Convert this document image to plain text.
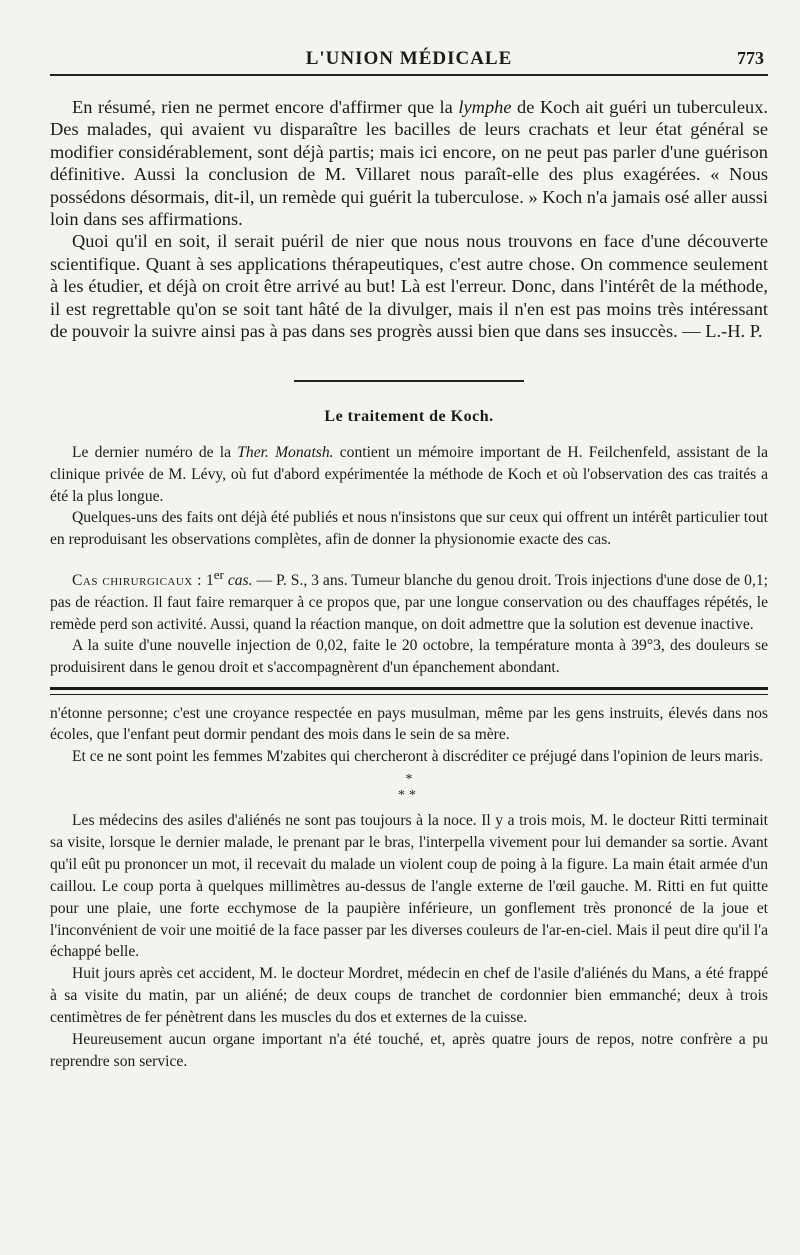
L'UNION MÉDICALE	773

En résumé, rien ne permet encore d'affirmer que la lymphe de Koch ait guéri un tuberculeux. Des malades, qui avaient vu disparaître les bacilles de leurs crachats et leur état général se modifier considérablement, sont déjà partis; mais ici encore, on ne peut pas parler d'une guérison définitive. Aussi la conclusion de M. Villaret nous paraît-elle des plus exagérées. « Nous possédons désormais, dit-il, un remède qui guérit la tuberculose. » Koch n'a jamais osé aller aussi loin dans ses affirmations.

Quoi qu'il en soit, il serait puéril de nier que nous nous trouvons en face d'une découverte scientifique. Quant à ses applications thérapeutiques, c'est autre chose. On commence seulement à les étudier, et déjà on croit être arrivé au but! Là est l'erreur. Donc, dans l'intérêt de la méthode, il est regrettable qu'on se soit tant hâté de la divulger, mais il n'en est pas moins très intéressant de pouvoir la suivre ainsi pas à pas dans ses progrès aussi bien que dans ses insuccès. — L.-H. P.

Le traitement de Koch.

Le dernier numéro de la Ther. Monatsh. contient un mémoire important de H. Feilchenfeld, assistant de la clinique privée de M. Lévy, où fut d'abord expérimentée la méthode de Koch et où l'observation des cas traités a été la plus longue.

Quelques-uns des faits ont déjà été publiés et nous n'insistons que sur ceux qui offrent un intérêt particulier tout en reproduisant les observations complètes, afin de donner la physionomie exacte des cas.

Cas chirurgicaux : 1er cas. — P. S., 3 ans. Tumeur blanche du genou droit. Trois injections d'une dose de 0,1; pas de réaction. Il faut faire remarquer à ce propos que, par une longue conservation ou des chauffages répétés, le remède perd son activité. Aussi, quand la réaction manque, on doit admettre que la solution est devenue inactive.

A la suite d'une nouvelle injection de 0,02, faite le 20 octobre, la température monta à 39°3, des douleurs se produisirent dans le genou droit et s'accompagnèrent d'un épanchement abondant.

n'étonne personne; c'est une croyance respectée en pays musulman, même par les gens instruits, élevés dans nos écoles, que l'enfant peut dormir pendant des mois dans le sein de sa mère.

Et ce ne sont point les femmes M'zabites qui chercheront à discréditer ce préjugé dans l'opinion de leurs maris.

*
**

Les médecins des asiles d'aliénés ne sont pas toujours à la noce. Il y a trois mois, M. le docteur Ritti terminait sa visite, lorsque le dernier malade, le prenant par le bras, l'interpella vivement pour lui demander sa sortie. Avant qu'il eût pu prononcer un mot, il recevait du malade un violent coup de poing à la figure. La main était armée d'un caillou. Le coup porta à quelques millimètres au-dessus de l'angle externe de l'œil gauche. M. Ritti en fut quitte pour une plaie, une forte ecchymose de la paupière inférieure, un gonflement très prononcé de la joue et l'inconvénient de voir une moitié de la face passer par les diverses couleurs de l'ar-en-ciel. Mais il peut dire qu'il l'a échappé belle.

Huit jours après cet accident, M. le docteur Mordret, médecin en chef de l'asile d'aliénés du Mans, a été frappé à sa visite du matin, par un aliéné; de deux coups de tranchet de cordonnier bien emmanché; deux à trois centimètres de fer pénètrent dans les muscles du dos et externes de la cuisse.

Heureusement aucun organe important n'a été touché, et, après quatre jours de repos, notre confrère a pu reprendre son service.
